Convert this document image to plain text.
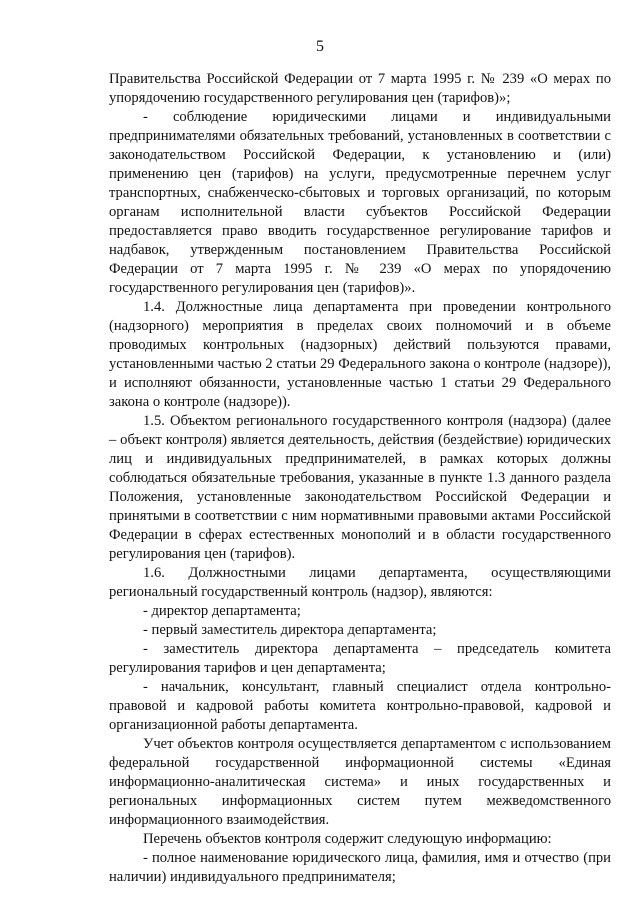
5

Правительства Российской Федерации от 7 марта 1995 г. № 239 «О мерах по упорядочению государственного регулирования цен (тарифов)»;

- соблюдение юридическими лицами и индивидуальными предпринимателями обязательных требований, установленных в соответствии с законодательством Российской Федерации, к установлению и (или) применению цен (тарифов) на услуги, предусмотренные перечнем услуг транспортных, снабженческо-сбытовых и торговых организаций, по которым органам исполнительной власти субъектов Российской Федерации предоставляется право вводить государственное регулирование тарифов и надбавок, утвержденным постановлением Правительства Российской Федерации от 7 марта 1995 г. № 239 «О мерах по упорядочению государственного регулирования цен (тарифов)».

1.4. Должностные лица департамента при проведении контрольного (надзорного) мероприятия в пределах своих полномочий и в объеме проводимых контрольных (надзорных) действий пользуются правами, установленными частью 2 статьи 29 Федерального закона о контроле (надзоре)), и исполняют обязанности, установленные частью 1 статьи 29 Федерального закона о контроле (надзоре)).

1.5. Объектом регионального государственного контроля (надзора) (далее – объект контроля) является деятельность, действия (бездействие) юридических лиц и индивидуальных предпринимателей, в рамках которых должны соблюдаться обязательные требования, указанные в пункте 1.3 данного раздела Положения, установленные законодательством Российской Федерации и принятыми в соответствии с ним нормативными правовыми актами Российской Федерации в сферах естественных монополий и в области государственного регулирования цен (тарифов).

1.6. Должностными лицами департамента, осуществляющими региональный государственный контроль (надзор), являются:

- директор департамента;

- первый заместитель директора департамента;

- заместитель директора департамента – председатель комитета регулирования тарифов и цен департамента;

- начальник, консультант, главный специалист отдела контрольно-правовой и кадровой работы комитета контрольно-правовой, кадровой и организационной работы департамента.

Учет объектов контроля осуществляется департаментом с использованием федеральной государственной информационной системы «Единая информационно-аналитическая система» и иных государственных и региональных информационных систем путем межведомственного информационного взаимодействия.

Перечень объектов контроля содержит следующую информацию:

- полное наименование юридического лица, фамилия, имя и отчество (при наличии) индивидуального предпринимателя;
